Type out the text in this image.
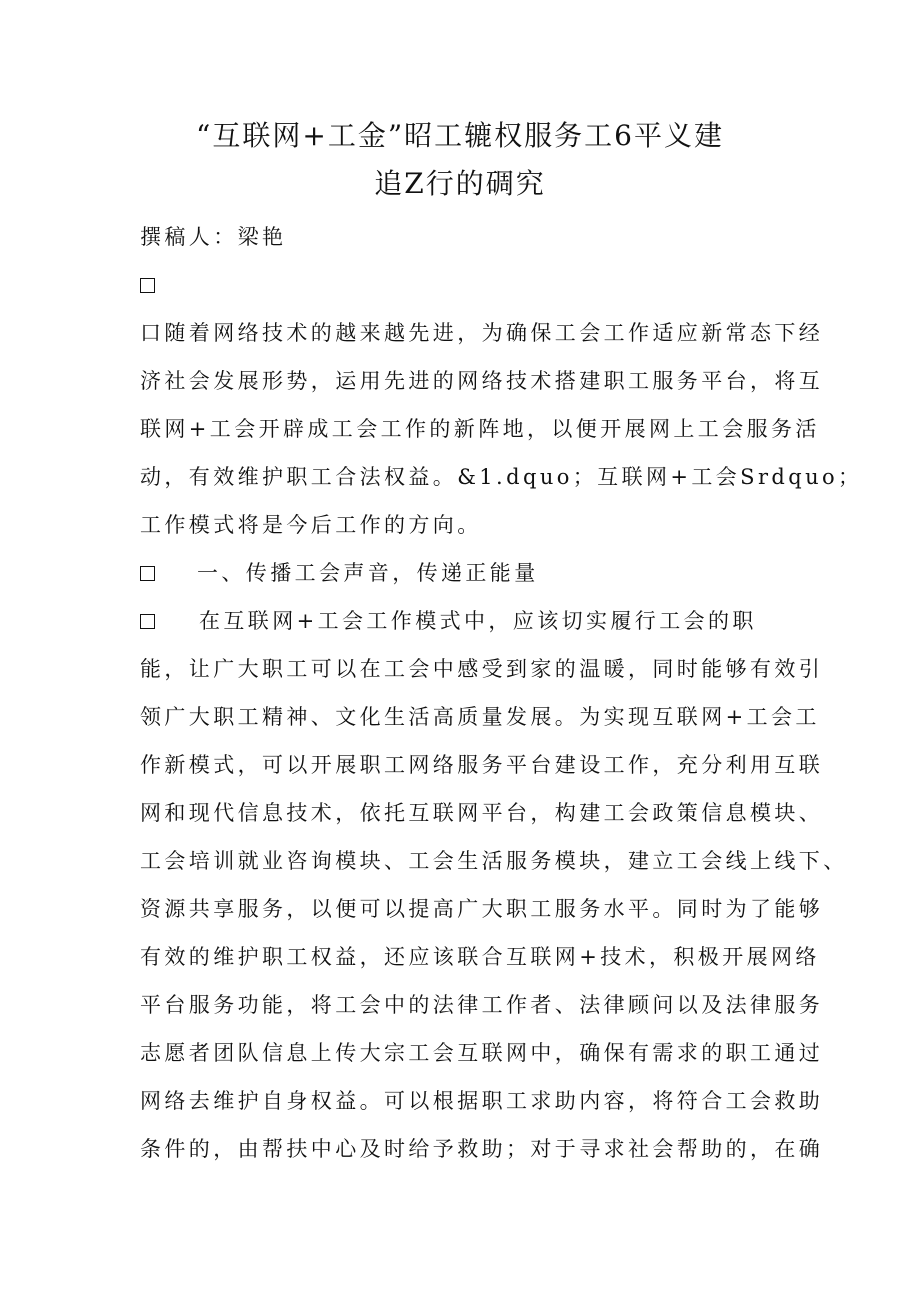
“互联网+工金”昭工辘权服务工6平义建
追Z行的碉究
撰稿人：梁艳
口随着网络技术的越来越先进，为确保工会工作适应新常态下经
济社会发展形势，运用先进的网络技术搭建职工服务平台，将互
联网+工会开辟成工会工作的新阵地，以便开展网上工会服务活
动，有效维护职工合法权益。&1.dquo；互联网+工会Srdquo；
工作模式将是今后工作的方向。
一、传播工会声音，传递正能量
在互联网+工会工作模式中，应该切实履行工会的职
能，让广大职工可以在工会中感受到家的温暖，同时能够有效引
领广大职工精神、文化生活高质量发展。为实现互联网+工会工
作新模式，可以开展职工网络服务平台建设工作，充分利用互联
网和现代信息技术，依托互联网平台，构建工会政策信息模块、
工会培训就业咨询模块、工会生活服务模块，建立工会线上线下、
资源共享服务，以便可以提高广大职工服务水平。同时为了能够
有效的维护职工权益，还应该联合互联网+技术，积极开展网络
平台服务功能，将工会中的法律工作者、法律顾问以及法律服务
志愿者团队信息上传大宗工会互联网中，确保有需求的职工通过
网络去维护自身权益。可以根据职工求助内容，将符合工会救助
条件的，由帮扶中心及时给予救助；对于寻求社会帮助的，在确
